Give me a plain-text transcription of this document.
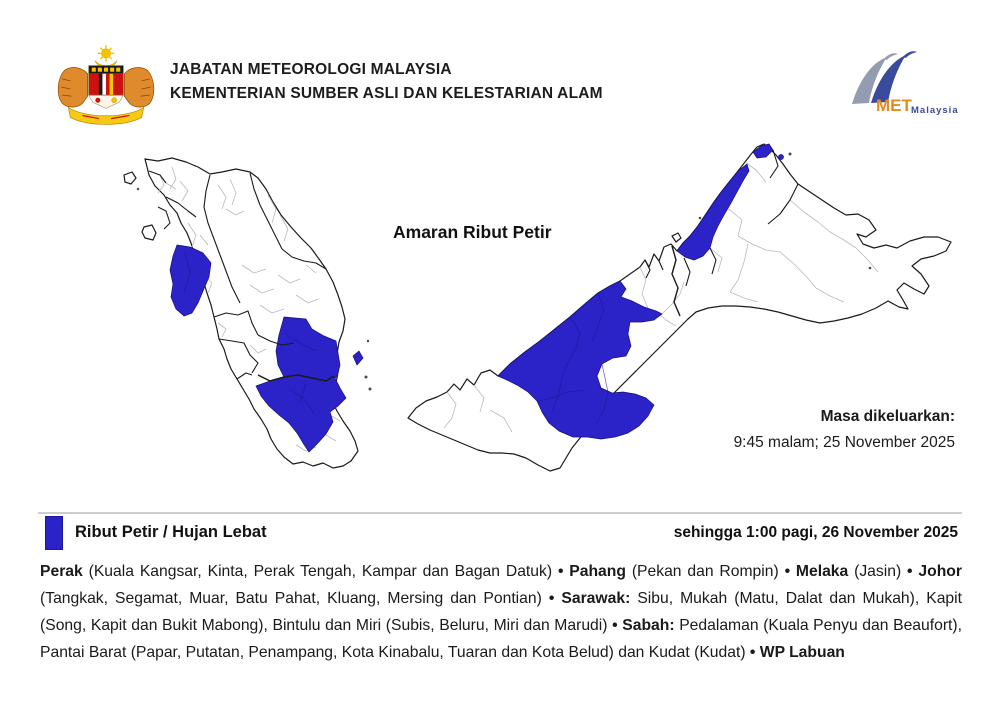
JABATAN METEOROLOGI MALAYSIA
KEMENTERIAN SUMBER ASLI DAN KELESTARIAN ALAM
MET Malaysia
Amaran Ribut Petir
Masa dikeluarkan:
9:45 malam; 25 November 2025
Ribut Petir / Hujan Lebat	sehingga 1:00 pagi, 26 November 2025

Perak (Kuala Kangsar, Kinta, Perak Tengah, Kampar dan Bagan Datuk) • Pahang (Pekan dan Rompin) • Melaka (Jasin) • Johor (Tangkak, Segamat, Muar, Batu Pahat, Kluang, Mersing dan Pontian) • Sarawak: Sibu, Mukah (Matu, Dalat dan Mukah), Kapit (Song, Kapit dan Bukit Mabong), Bintulu dan Miri (Subis, Beluru, Miri dan Marudi) • Sabah: Pedalaman (Kuala Penyu dan Beaufort), Pantai Barat (Papar, Putatan, Penampang, Kota Kinabalu, Tuaran dan Kota Belud) dan Kudat (Kudat) • WP Labuan
